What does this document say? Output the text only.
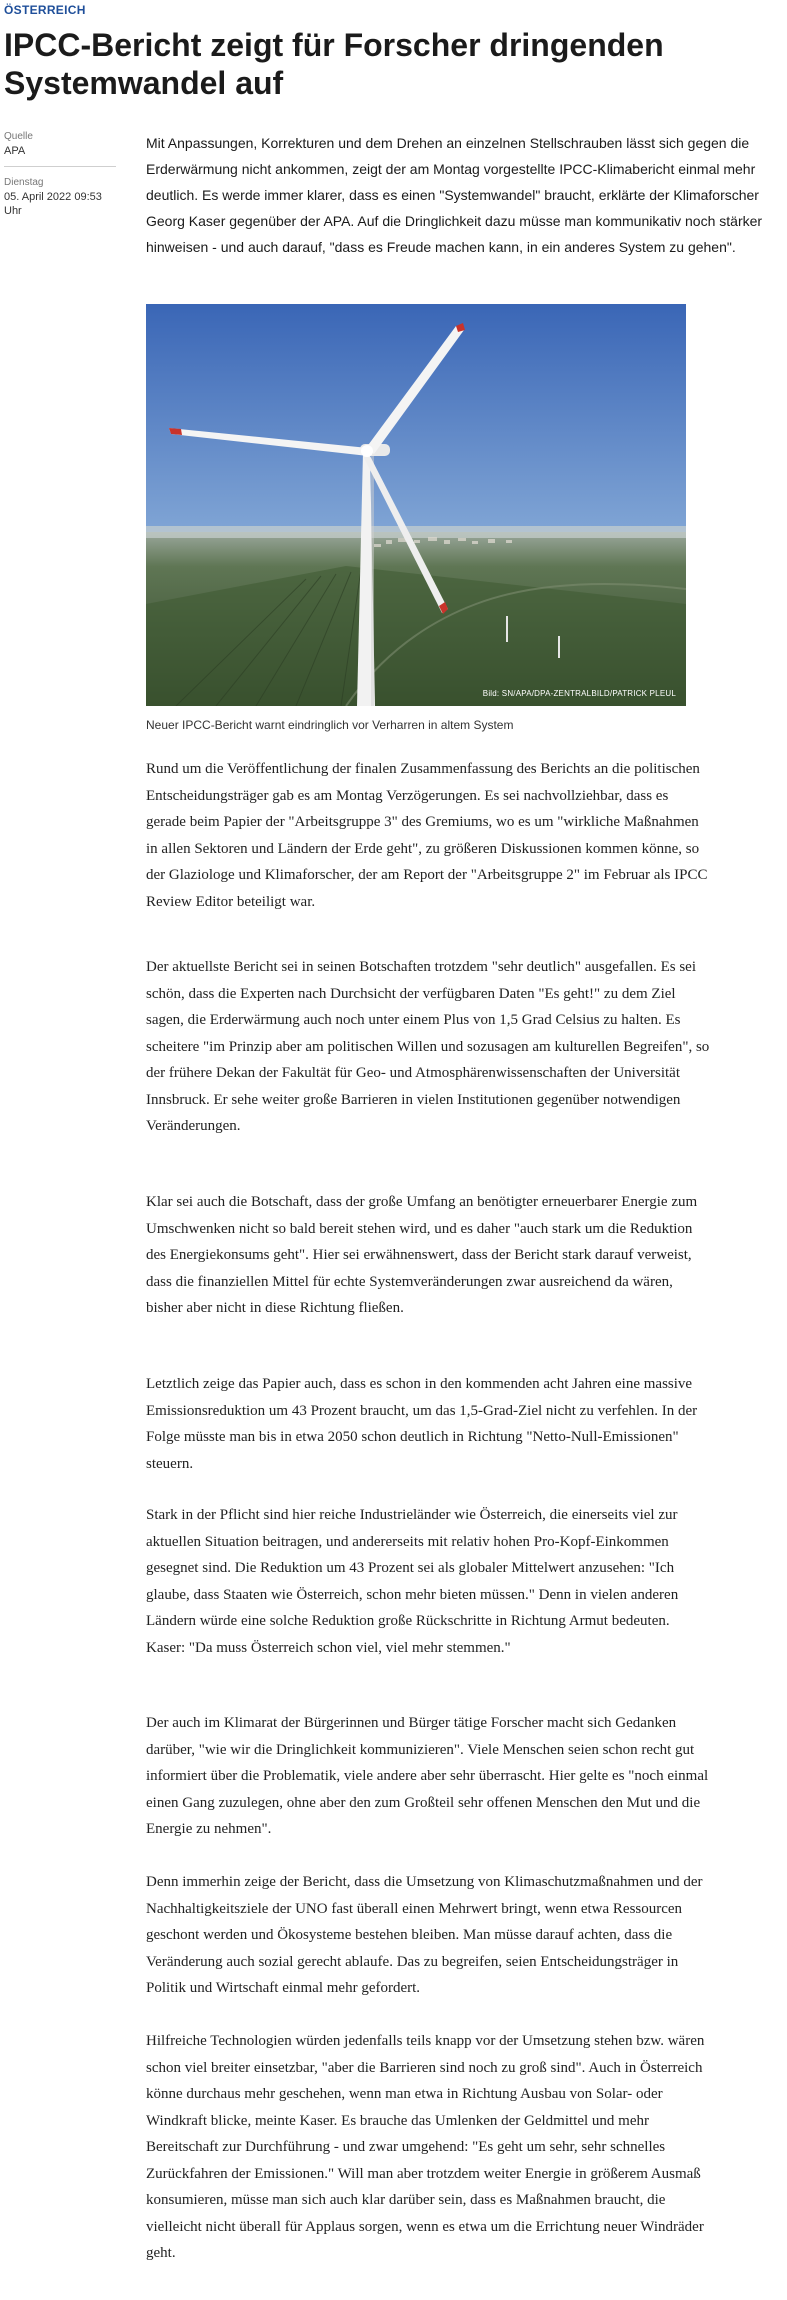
ÖSTERREICH
IPCC-Bericht zeigt für Forscher dringenden Systemwandel auf
Quelle
APA
Dienstag
05. April 2022 09:53
Uhr

Mit Anpassungen, Korrekturen und dem Drehen an einzelnen Stellschrauben lässt sich gegen die Erderwärmung nicht ankommen, zeigt der am Montag vorgestellte IPCC-Klimabericht einmal mehr deutlich. Es werde immer klarer, dass es einen "Systemwandel" braucht, erklärte der Klimaforscher Georg Kaser gegenüber der APA. Auf die Dringlichkeit dazu müsse man kommunikativ noch stärker hinweisen - und auch darauf, "dass es Freude machen kann, in ein anderes System zu gehen".

Bild: SN/APA/DPA-ZENTRALBILD/PATRICK PLEUL
Neuer IPCC-Bericht warnt eindringlich vor Verharren in altem System

Rund um die Veröffentlichung der finalen Zusammenfassung des Berichts an die politischen Entscheidungsträger gab es am Montag Verzögerungen. Es sei nachvollziehbar, dass es gerade beim Papier der "Arbeitsgruppe 3" des Gremiums, wo es um "wirkliche Maßnahmen in allen Sektoren und Ländern der Erde geht", zu größeren Diskussionen kommen könne, so der Glaziologe und Klimaforscher, der am Report der "Arbeitsgruppe 2" im Februar als IPCC Review Editor beteiligt war.

Der aktuellste Bericht sei in seinen Botschaften trotzdem "sehr deutlich" ausgefallen. Es sei schön, dass die Experten nach Durchsicht der verfügbaren Daten "Es geht!" zu dem Ziel sagen, die Erderwärmung auch noch unter einem Plus von 1,5 Grad Celsius zu halten. Es scheitere "im Prinzip aber am politischen Willen und sozusagen am kulturellen Begreifen", so der frühere Dekan der Fakultät für Geo- und Atmosphärenwissenschaften der Universität Innsbruck. Er sehe weiter große Barrieren in vielen Institutionen gegenüber notwendigen Veränderungen.

Klar sei auch die Botschaft, dass der große Umfang an benötigter erneuerbarer Energie zum Umschwenken nicht so bald bereit stehen wird, und es daher "auch stark um die Reduktion des Energiekonsums geht". Hier sei erwähnenswert, dass der Bericht stark darauf verweist, dass die finanziellen Mittel für echte Systemveränderungen zwar ausreichend da wären, bisher aber nicht in diese Richtung fließen.

Letztlich zeige das Papier auch, dass es schon in den kommenden acht Jahren eine massive Emissionsreduktion um 43 Prozent braucht, um das 1,5-Grad-Ziel nicht zu verfehlen. In der Folge müsste man bis in etwa 2050 schon deutlich in Richtung "Netto-Null-Emissionen" steuern.

Stark in der Pflicht sind hier reiche Industrieländer wie Österreich, die einerseits viel zur aktuellen Situation beitragen, und andererseits mit relativ hohen Pro-Kopf-Einkommen gesegnet sind. Die Reduktion um 43 Prozent sei als globaler Mittelwert anzusehen: "Ich glaube, dass Staaten wie Österreich, schon mehr bieten müssen." Denn in vielen anderen Ländern würde eine solche Reduktion große Rückschritte in Richtung Armut bedeuten. Kaser: "Da muss Österreich schon viel, viel mehr stemmen."

Der auch im Klimarat der Bürgerinnen und Bürger tätige Forscher macht sich Gedanken darüber, "wie wir die Dringlichkeit kommunizieren". Viele Menschen seien schon recht gut informiert über die Problematik, viele andere aber sehr überrascht. Hier gelte es "noch einmal einen Gang zuzulegen, ohne aber den zum Großteil sehr offenen Menschen den Mut und die Energie zu nehmen".

Denn immerhin zeige der Bericht, dass die Umsetzung von Klimaschutzmaßnahmen und der Nachhaltigkeitsziele der UNO fast überall einen Mehrwert bringt, wenn etwa Ressourcen geschont werden und Ökosysteme bestehen bleiben. Man müsse darauf achten, dass die Veränderung auch sozial gerecht ablaufe. Das zu begreifen, seien Entscheidungsträger in Politik und Wirtschaft einmal mehr gefordert.

Hilfreiche Technologien würden jedenfalls teils knapp vor der Umsetzung stehen bzw. wären schon viel breiter einsetzbar, "aber die Barrieren sind noch zu groß sind". Auch in Österreich könne durchaus mehr geschehen, wenn man etwa in Richtung Ausbau von Solar- oder Windkraft blicke, meinte Kaser. Es brauche das Umlenken der Geldmittel und mehr Bereitschaft zur Durchführung - und zwar umgehend: "Es geht um sehr, sehr schnelles Zurückfahren der Emissionen." Will man aber trotzdem weiter Energie in größerem Ausmaß konsumieren, müsse man sich auch klar darüber sein, dass es Maßnahmen braucht, die vielleicht nicht überall für Applaus sorgen, wenn es etwa um die Errichtung neuer Windräder geht.
